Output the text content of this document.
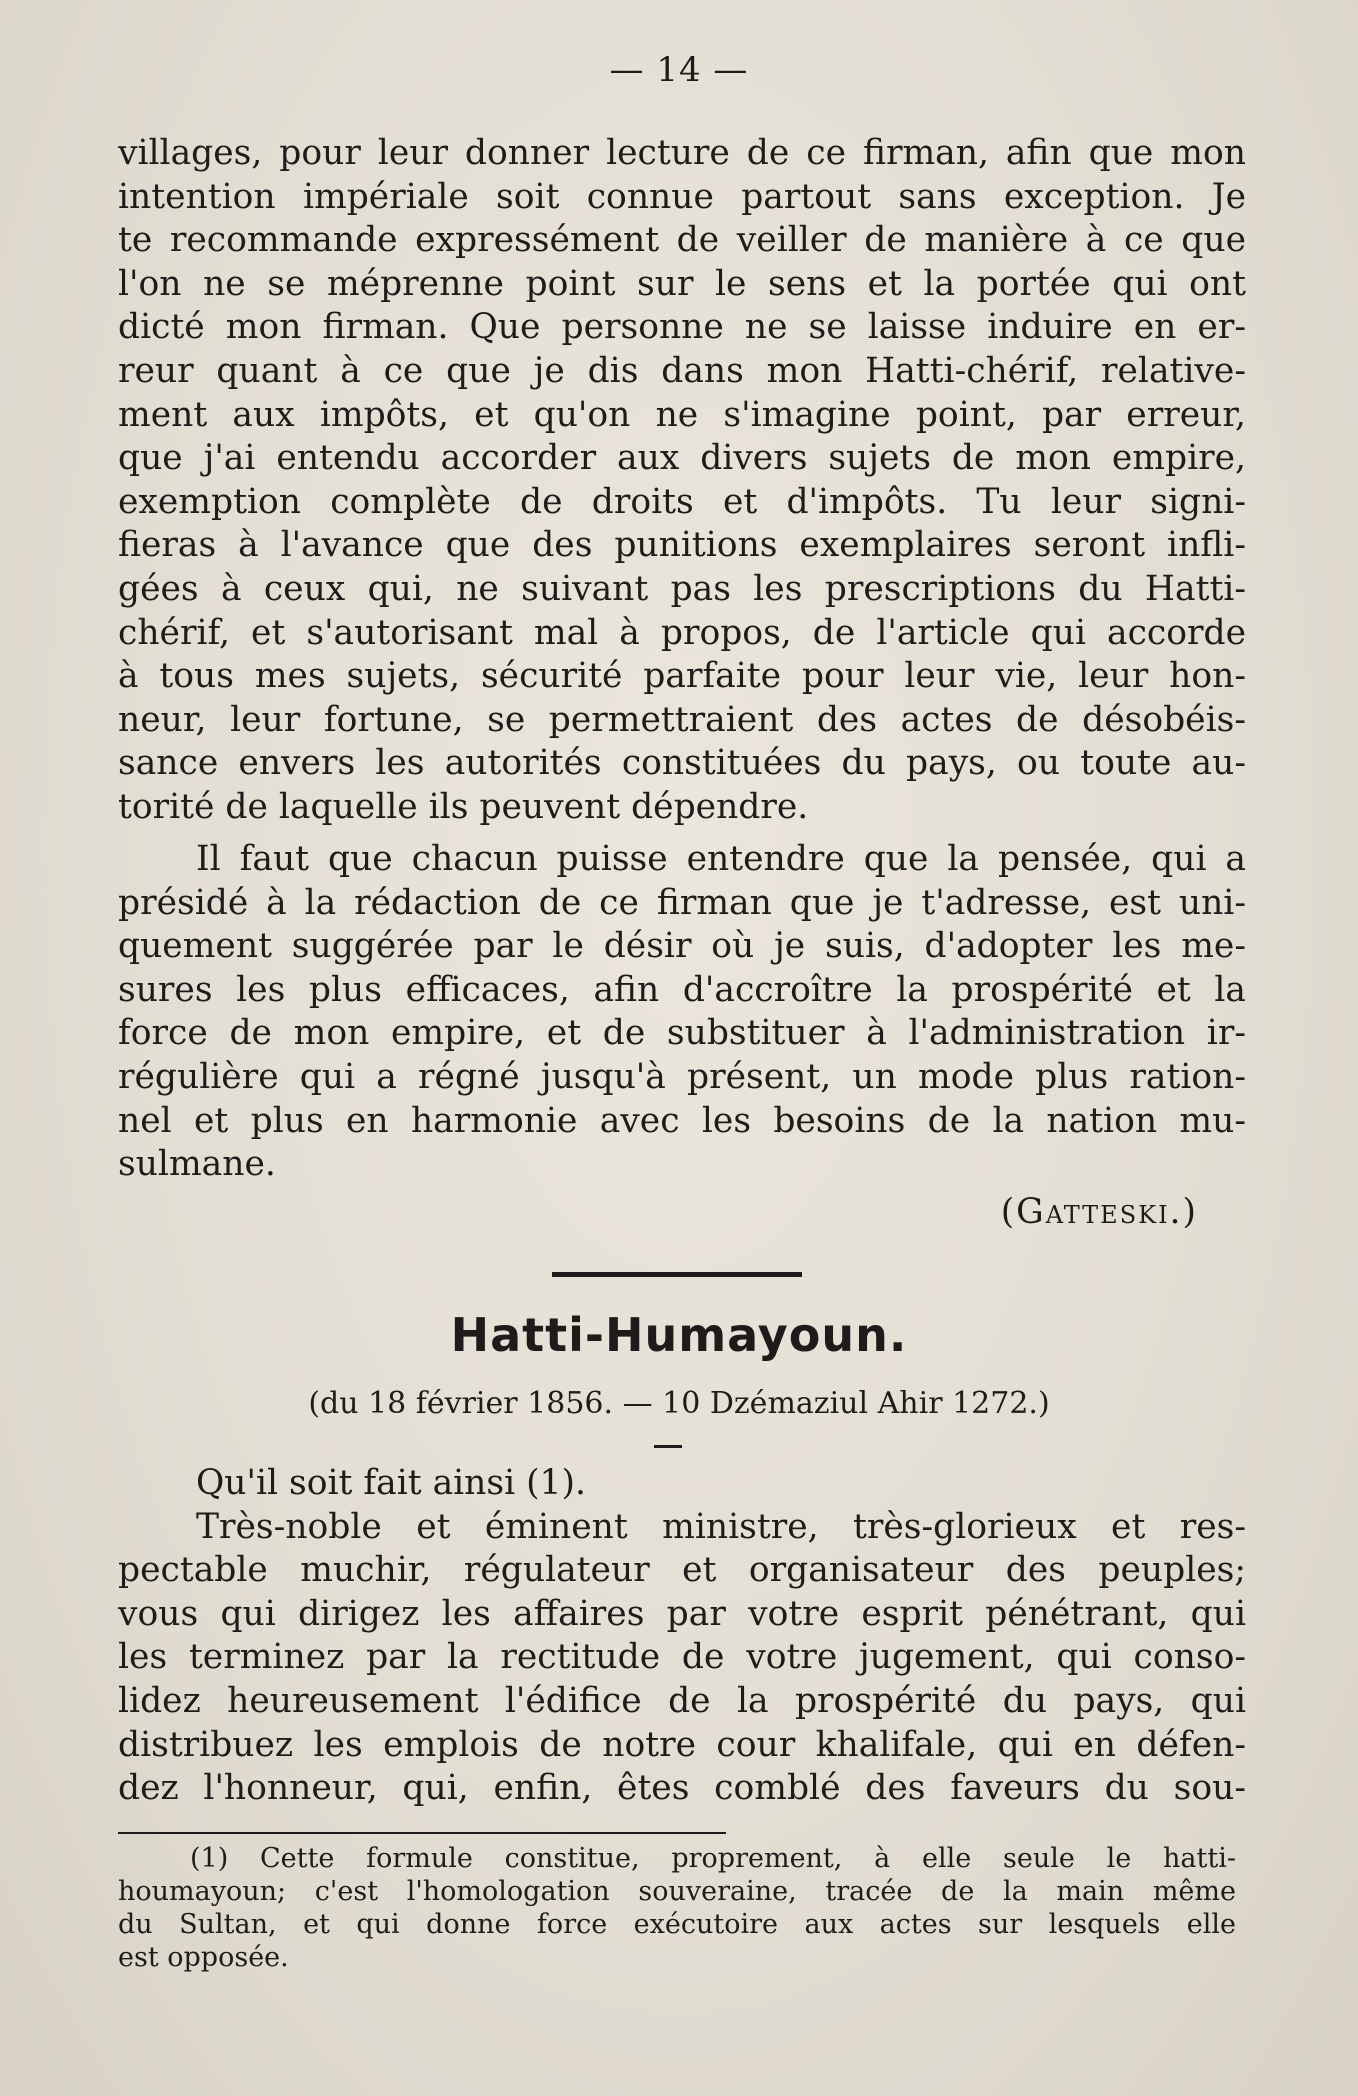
— 14 —
villages, pour leur donner lecture de ce firman, afin que mon
intention impériale soit connue partout sans exception. Je
te recommande expressément de veiller de manière à ce que
l'on ne se méprenne point sur le sens et la portée qui ont
dicté mon firman. Que personne ne se laisse induire en er-
reur quant à ce que je dis dans mon Hatti-chérif, relative-
ment aux impôts, et qu'on ne s'imagine point, par erreur,
que j'ai entendu accorder aux divers sujets de mon empire,
exemption complète de droits et d'impôts. Tu leur signi-
fieras à l'avance que des punitions exemplaires seront infli-
gées à ceux qui, ne suivant pas les prescriptions du Hatti-
chérif, et s'autorisant mal à propos, de l'article qui accorde
à tous mes sujets, sécurité parfaite pour leur vie, leur hon-
neur, leur fortune, se permettraient des actes de désobéis-
sance envers les autorités constituées du pays, ou toute au-
torité de laquelle ils peuvent dépendre.
Il faut que chacun puisse entendre que la pensée, qui a
présidé à la rédaction de ce firman que je t'adresse, est uni-
quement suggérée par le désir où je suis, d'adopter les me-
sures les plus efficaces, afin d'accroître la prospérité et la
force de mon empire, et de substituer à l'administration ir-
régulière qui a régné jusqu'à présent, un mode plus ration-
nel et plus en harmonie avec les besoins de la nation mu-
sulmane.
(Gatteski.)
Hatti-Humayoun.
(du 18 février 1856. — 10 Dzémaziul Ahir 1272.)
Qu'il soit fait ainsi (1).
Très-noble et éminent ministre, très-glorieux et res-
pectable muchir, régulateur et organisateur des peuples;
vous qui dirigez les affaires par votre esprit pénétrant, qui
les terminez par la rectitude de votre jugement, qui conso-
lidez heureusement l'édifice de la prospérité du pays, qui
distribuez les emplois de notre cour khalifale, qui en défen-
dez l'honneur, qui, enfin, êtes comblé des faveurs du sou-
(1) Cette formule constitue, proprement, à elle seule le hatti-
houmayoun; c'est l'homologation souveraine, tracée de la main même
du Sultan, et qui donne force exécutoire aux actes sur lesquels elle
est opposée.
